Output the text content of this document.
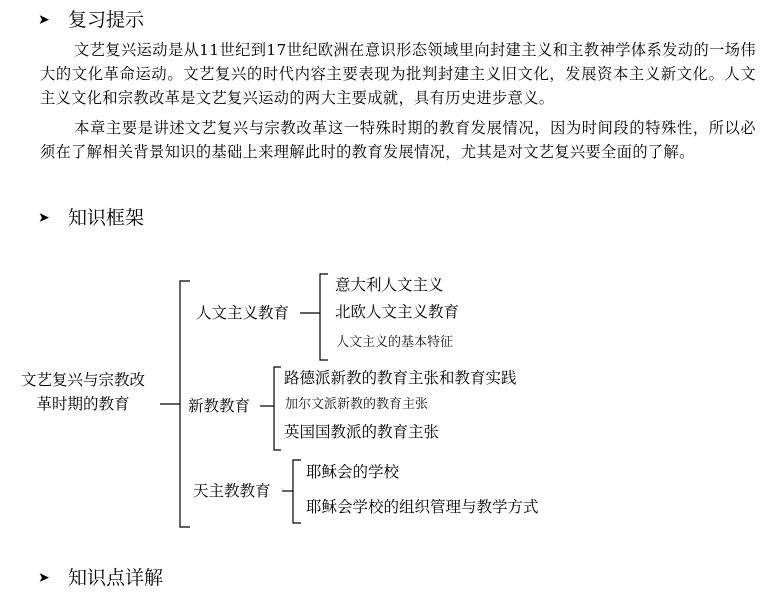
➤ 复习提示
文艺复兴运动是从11世纪到17世纪欧洲在意识形态领域里向封建主义和主教神学体系发动的一场伟大的文化革命运动。文艺复兴的时代内容主要表现为批判封建主义旧文化，发展资本主义新文化。人文主义文化和宗教改革是文艺复兴运动的两大主要成就，具有历史进步意义。
本章主要是讲述文艺复兴与宗教改革这一特殊时期的教育发展情况，因为时间段的特殊性，所以必须在了解相关背景知识的基础上来理解此时的教育发展情况，尤其是对文艺复兴要全面的了解。
➤ 知识框架
文艺复兴与宗教改
革时期的教育
人文主义教育
意大利人文主义
北欧人文主义教育
人文主义的基本特征
新教教育
路德派新教的教育主张和教育实践
加尔文派新教的教育主张
英国国教派的教育主张
天主教教育
耶稣会的学校
耶稣会学校的组织管理与教学方式
➤ 知识点详解
